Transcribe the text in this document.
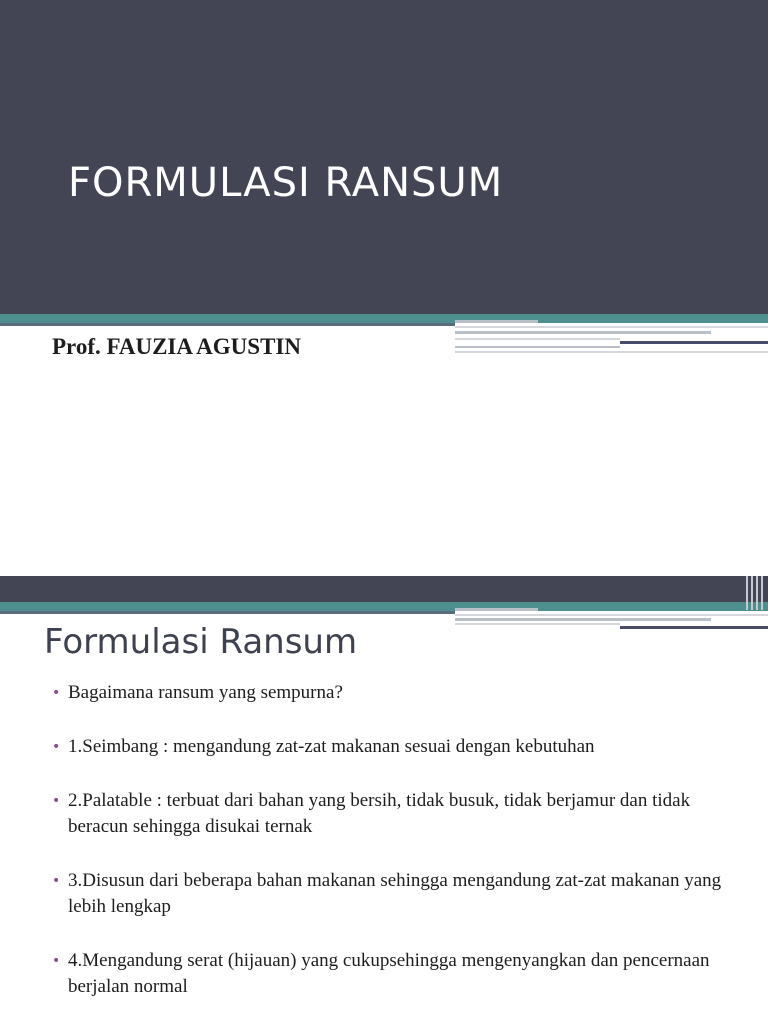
FORMULASI RANSUM

Prof. FAUZIA AGUSTIN

Formulasi Ransum
• Bagaimana ransum yang sempurna?
• 1.Seimbang : mengandung zat-zat makanan sesuai dengan kebutuhan
• 2.Palatable : terbuat dari bahan yang bersih, tidak busuk, tidak berjamur dan tidak beracun sehingga disukai ternak
• 3.Disusun dari beberapa bahan makanan sehingga mengandung zat-zat makanan yang lebih lengkap
• 4.Mengandung serat (hijauan) yang cukupsehingga mengenyangkan dan pencernaan berjalan normal
